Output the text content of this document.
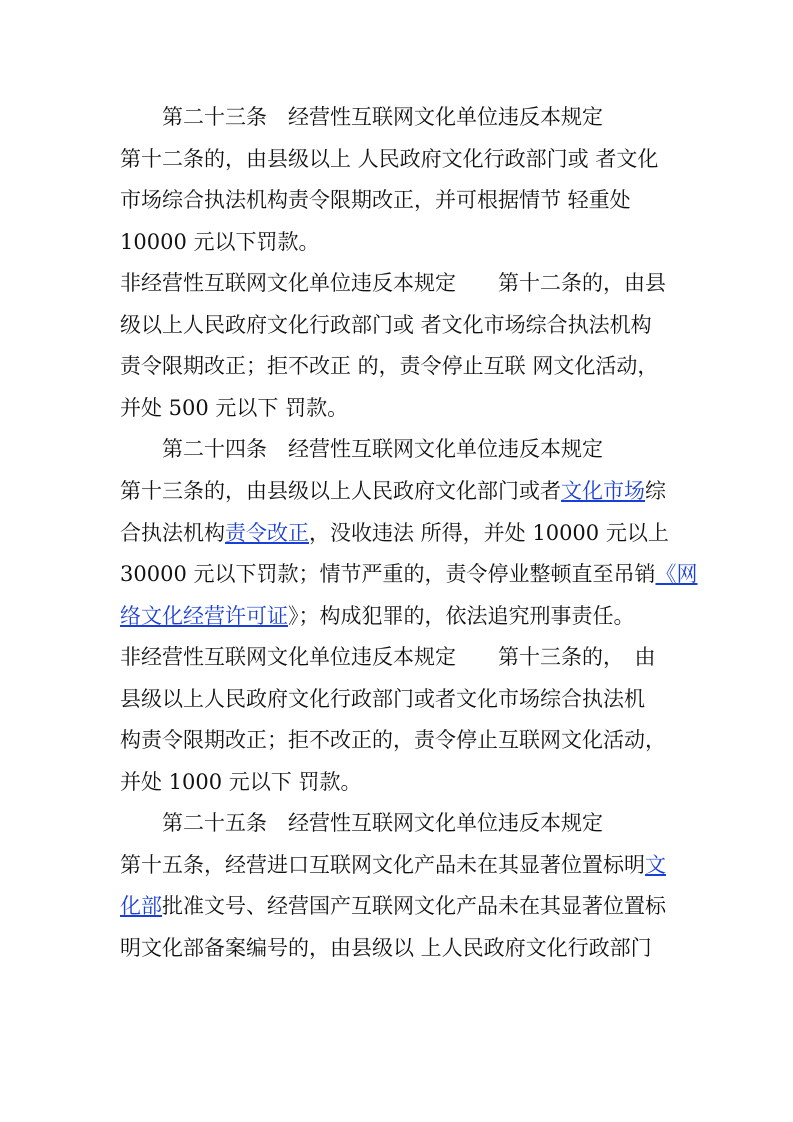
第二十三条　经营性互联网文化单位违反本规定
第十二条的，由县级以上 人民政府文化行政部门或 者文化
市场综合执法机构责令限期改正，并可根据情节 轻重处
10000 元以下罚款。
非经营性互联网文化单位违反本规定　　第十二条的，由县
级以上人民政府文化行政部门或 者文化市场综合执法机构
责令限期改正；拒不改正 的，责令停止互联 网文化活动，
并处 500 元以下 罚款。
第二十四条　经营性互联网文化单位违反本规定
第十三条的，由县级以上人民政府文化部门或者文化市场综
合执法机构责令改正，没收违法 所得，并处 10000 元以上
30000 元以下罚款；情节严重的，责令停业整顿直至吊销《网
络文化经营许可证》；构成犯罪的，依法追究刑事责任。
非经营性互联网文化单位违反本规定　　第十三条的，　由
县级以上人民政府文化行政部门或者文化市场综合执法机
构责令限期改正；拒不改正的，责令停止互联网文化活动，
并处 1000 元以下 罚款。
第二十五条　经营性互联网文化单位违反本规定
第十五条，经营进口互联网文化产品未在其显著位置标明文
化部批准文号、经营国产互联网文化产品未在其显著位置标
明文化部备案编号的，由县级以 上人民政府文化行政部门
